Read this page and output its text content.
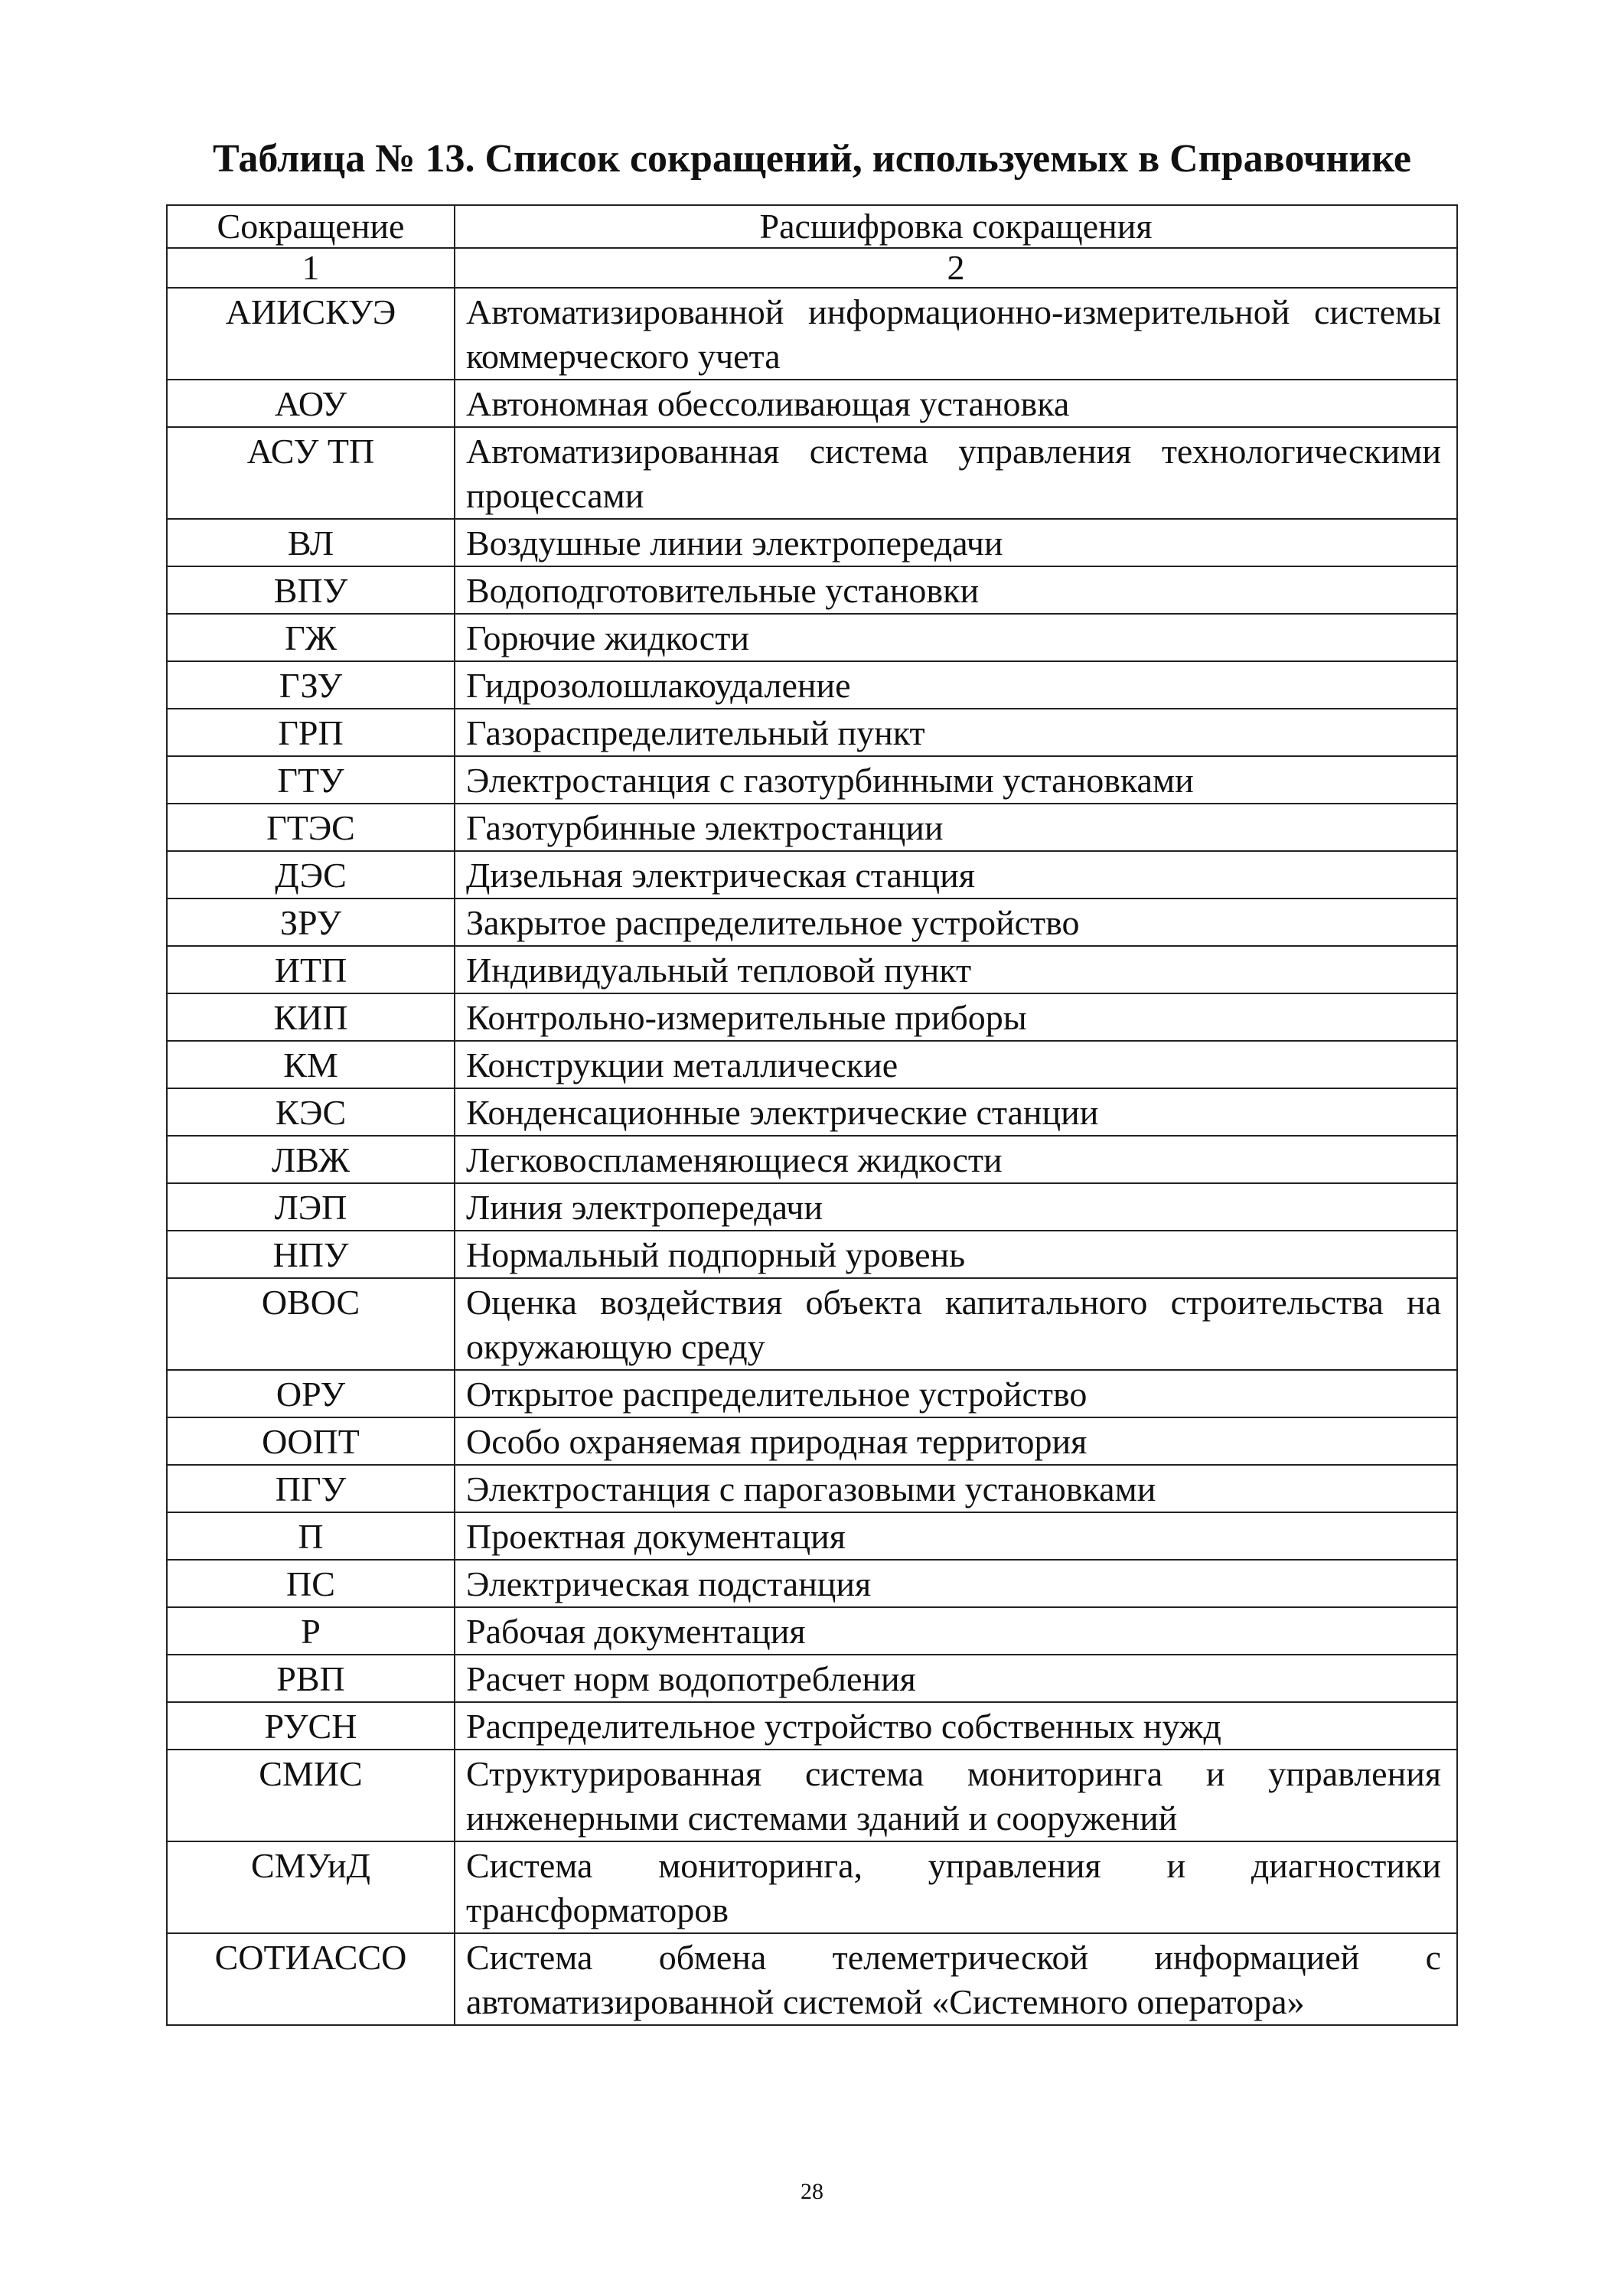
Таблица № 13. Список сокращений, используемых в Справочнике
Сокращение	Расшифровка сокращения
1	2
АИИСКУЭ	Автоматизированной информационно-измерительной системы коммерческого учета
АОУ	Автономная обессоливающая установка
АСУ ТП	Автоматизированная система управления технологическими процессами
ВЛ	Воздушные линии электропередачи
ВПУ	Водоподготовительные установки
ГЖ	Горючие жидкости
ГЗУ	Гидрозолошлакоудаление
ГРП	Газораспределительный пункт
ГТУ	Электростанция с газотурбинными установками
ГТЭС	Газотурбинные электростанции
ДЭС	Дизельная электрическая станция
ЗРУ	Закрытое распределительное устройство
ИТП	Индивидуальный тепловой пункт
КИП	Контрольно-измерительные приборы
КМ	Конструкции металлические
КЭС	Конденсационные электрические станции
ЛВЖ	Легковоспламеняющиеся жидкости
ЛЭП	Линия электропередачи
НПУ	Нормальный подпорный уровень
ОВОС	Оценка воздействия объекта капитального строительства на окружающую среду
ОРУ	Открытое распределительное устройство
ООПТ	Особо охраняемая природная территория
ПГУ	Электростанция с парогазовыми установками
П	Проектная документация
ПС	Электрическая подстанция
Р	Рабочая документация
РВП	Расчет норм водопотребления
РУСН	Распределительное устройство собственных нужд
СМИС	Структурированная система мониторинга и управления инженерными системами зданий и сооружений
СМУиД	Система мониторинга, управления и диагностики трансформаторов
СОТИАССО	Система обмена телеметрической информацией с автоматизированной системой «Системного оператора»
28
